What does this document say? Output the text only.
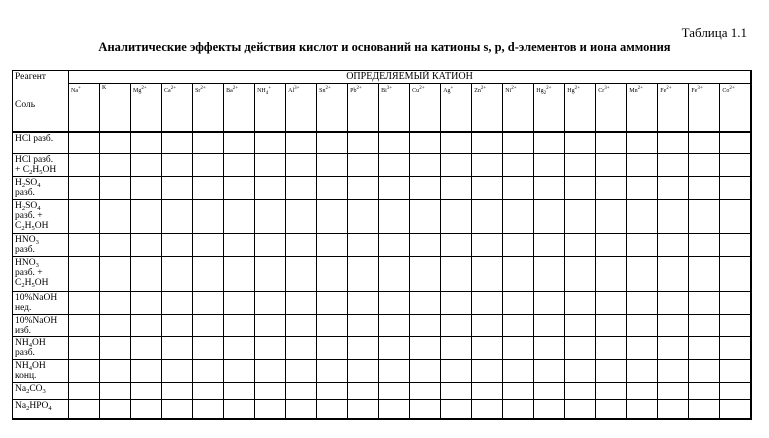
Таблица 1.1
Аналитические эффекты действия кислот и оснований на катионы s, p, d-элементов и иона аммония
Реагент
Соль	ОПРЕДЕЛЯЕМЫЙ КАТИОН																					
	Na+	K	$Mg^{2+}$	$Ca^{2+}$	$Sr^{2+}$	$Ba^{2+}$	$NH_4^+$	$Al^{3+}$	$Sn^{2+}$	$Pb^{2+}$	$Bi^{3+}$	$Cu^{2+}$	Ag+	$Zn^{2+}$	$Ni^{2+}$	$Hg_2^{2+}$	$Hg^{2+}$	$Cr^{3+}$	$Mn^{2+}$	$Fe^{2+}$	$Fe^{3+}$	$Co^{2+}$

HCl разб.																						

HCl разб.
+ $C_2H_5OH$																						

$H_2SO_4$
разб.																						

$H_2SO_4$
разб. +
$C_2H_5OH$																						

$HNO_3$
разб.																						

$HNO_3$
разб. +
$C_2H_5OH$																						

10%NaOH
нед.																						

10%NaOH
изб.																						

$NH_4OH$
разб.																						

$NH_4OH$
конц.																						

$Na_2CO_3$

$Na_2HPO_4$
